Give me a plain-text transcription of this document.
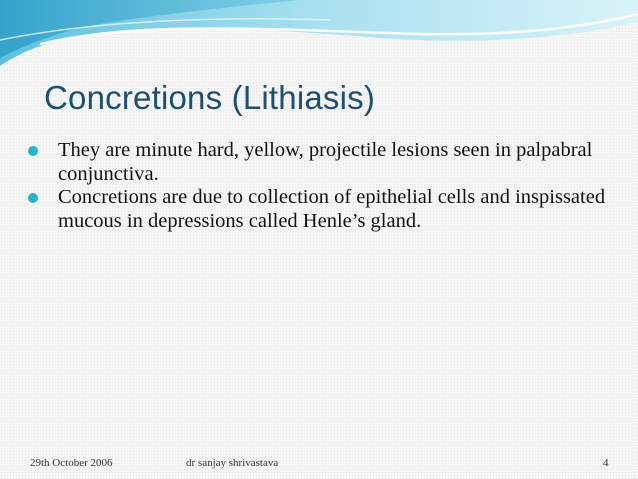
Concretions (Lithiasis)
They are minute hard, yellow, projectile lesions seen in palpabral conjunctiva.
Concretions are due to collection of epithelial cells and inspissated mucous in depressions called Henle’s gland.
29th October 2006	dr sanjay shrivastava	4
